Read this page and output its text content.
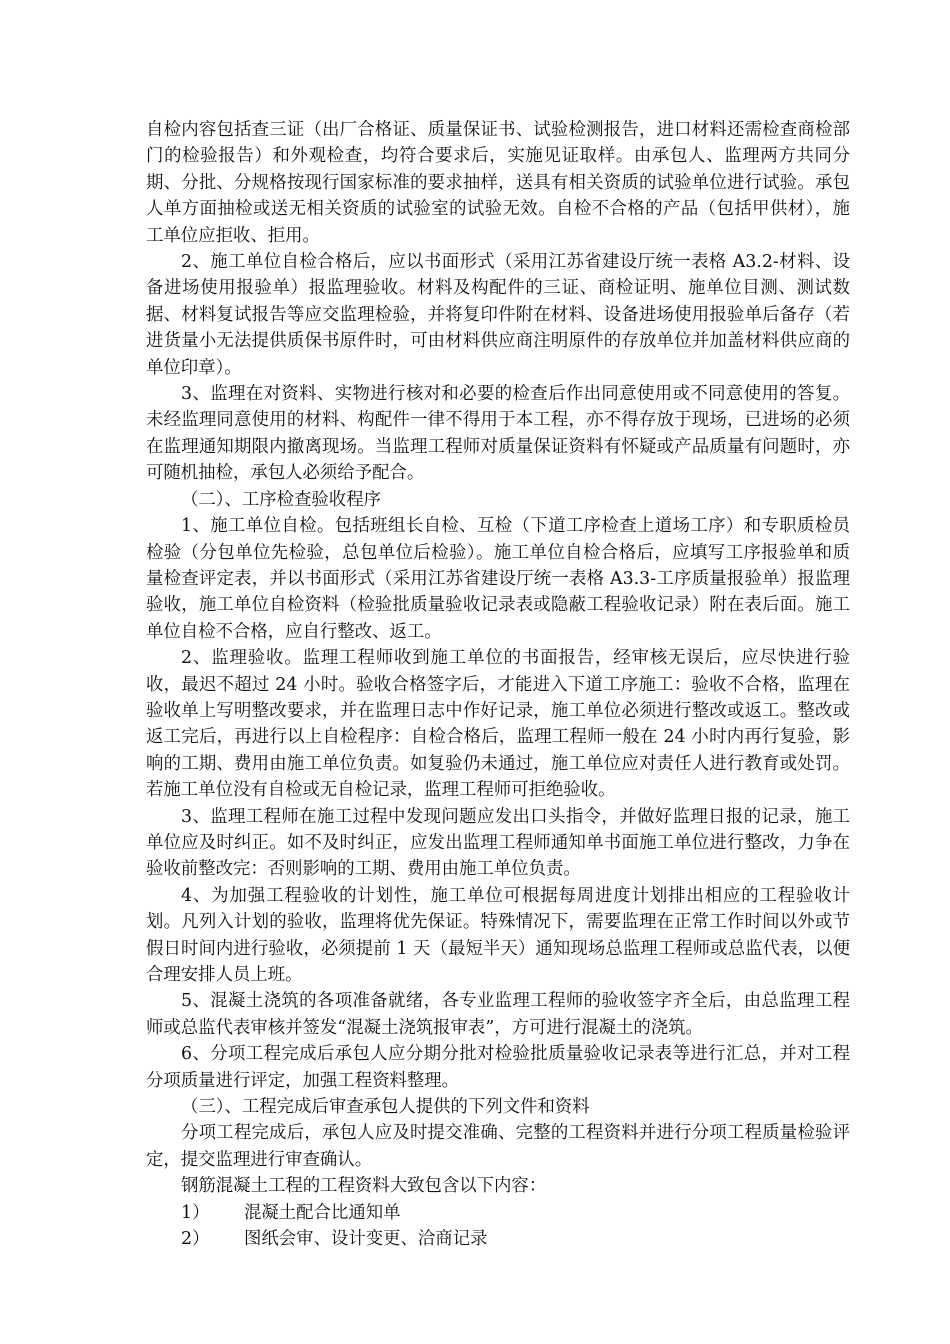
自检内容包括查三证（出厂合格证、质量保证书、试验检测报告，进口材料还需检查商检部门的检验报告）和外观检查，均符合要求后，实施见证取样。由承包人、监理两方共同分期、分批、分规格按现行国家标准的要求抽样，送具有相关资质的试验单位进行试验。承包人单方面抽检或送无相关资质的试验室的试验无效。自检不合格的产品（包括甲供材），施工单位应拒收、拒用。

2、施工单位自检合格后，应以书面形式（采用江苏省建设厅统一表格 A3.2-材料、设备进场使用报验单）报监理验收。材料及构配件的三证、商检证明、施单位目测、测试数据、材料复试报告等应交监理检验，并将复印件附在材料、设备进场使用报验单后备存（若进货量小无法提供质保书原件时，可由材料供应商注明原件的存放单位并加盖材料供应商的单位印章）。

3、监理在对资料、实物进行核对和必要的检查后作出同意使用或不同意使用的答复。未经监理同意使用的材料、构配件一律不得用于本工程，亦不得存放于现场，已进场的必须在监理通知期限内撤离现场。当监理工程师对质量保证资料有怀疑或产品质量有问题时，亦可随机抽检，承包人必须给予配合。

（二）、工序检查验收程序

1、施工单位自检。包括班组长自检、互检（下道工序检查上道场工序）和专职质检员检验（分包单位先检验，总包单位后检验）。施工单位自检合格后，应填写工序报验单和质量检查评定表，并以书面形式（采用江苏省建设厅统一表格 A3.3-工序质量报验单）报监理验收，施工单位自检资料（检验批质量验收记录表或隐蔽工程验收记录）附在表后面。施工单位自检不合格，应自行整改、返工。

2、监理验收。监理工程师收到施工单位的书面报告，经审核无误后，应尽快进行验收，最迟不超过 24 小时。验收合格签字后，才能进入下道工序施工：验收不合格，监理在验收单上写明整改要求，并在监理日志中作好记录，施工单位必须进行整改或返工。整改或返工完后，再进行以上自检程序：自检合格后，监理工程师一般在 24 小时内再行复验，影响的工期、费用由施工单位负责。如复验仍未通过，施工单位应对责任人进行教育或处罚。若施工单位没有自检或无自检记录，监理工程师可拒绝验收。

3、监理工程师在施工过程中发现问题应发出口头指令，并做好监理日报的记录，施工单位应及时纠正。如不及时纠正，应发出监理工程师通知单书面施工单位进行整改，力争在验收前整改完：否则影响的工期、费用由施工单位负责。

4、为加强工程验收的计划性，施工单位可根据每周进度计划排出相应的工程验收计划。凡列入计划的验收，监理将优先保证。特殊情况下，需要监理在正常工作时间以外或节假日时间内进行验收，必须提前 1 天（最短半天）通知现场总监理工程师或总监代表，以便合理安排人员上班。

5、混凝土浇筑的各项准备就绪，各专业监理工程师的验收签字齐全后，由总监理工程师或总监代表审核并签发“混凝土浇筑报审表”，方可进行混凝土的浇筑。

6、分项工程完成后承包人应分期分批对检验批质量验收记录表等进行汇总，并对工程分项质量进行评定，加强工程资料整理。

（三）、工程完成后审查承包人提供的下列文件和资料

分项工程完成后，承包人应及时提交准确、完整的工程资料并进行分项工程质量检验评定，提交监理进行审查确认。

钢筋混凝土工程的工程资料大致包含以下内容：

1） 混凝土配合比通知单

2） 图纸会审、设计变更、洽商记录
